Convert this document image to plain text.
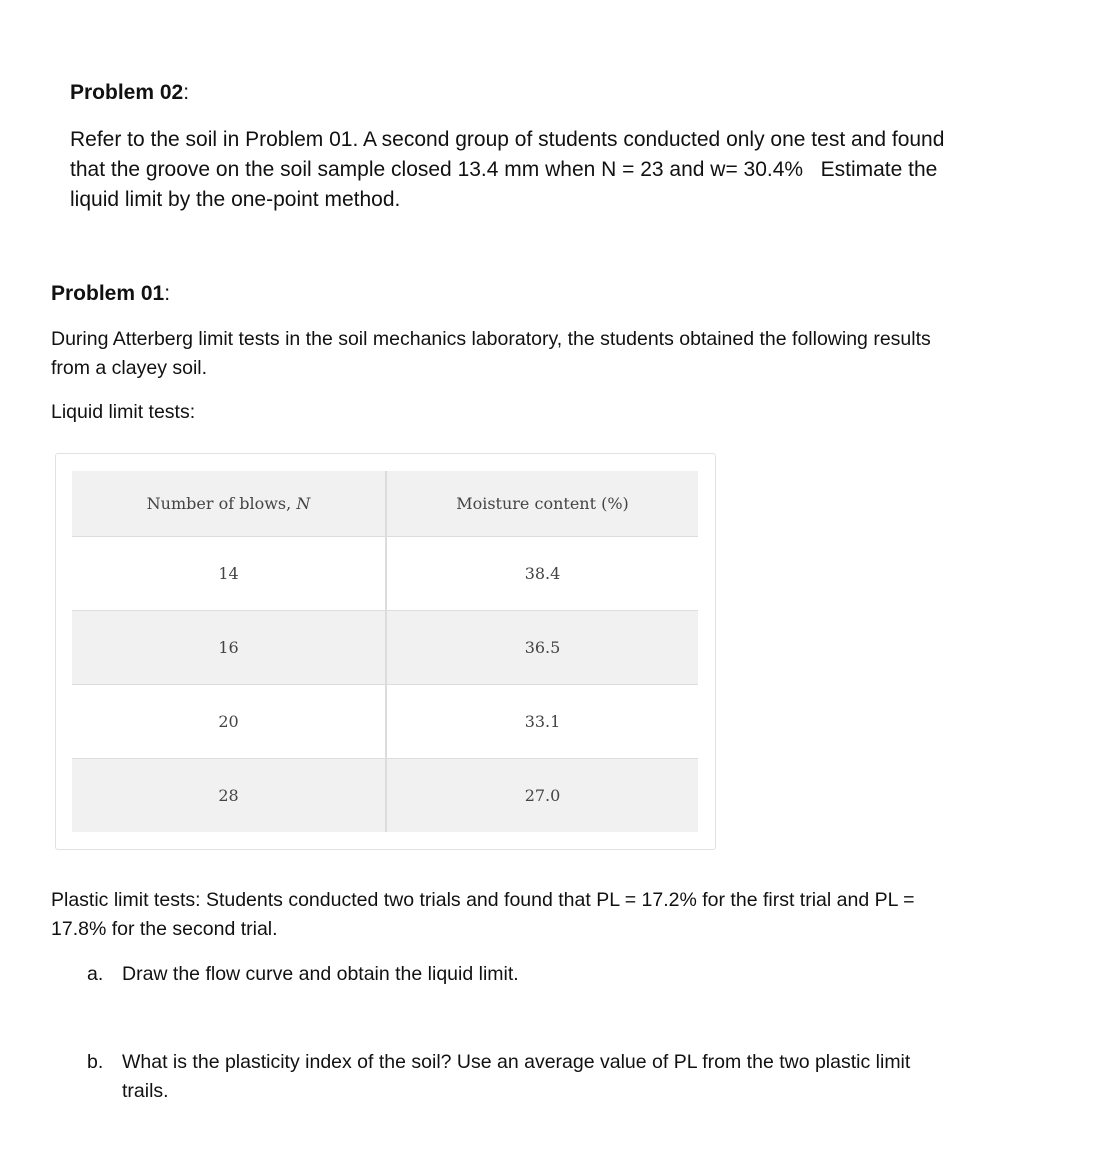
Problem 02:
Refer to the soil in Problem 01. A second group of students conducted only one test and found
that the groove on the soil sample closed 13.4 mm when N = 23 and w= 30.4%   Estimate the
liquid limit by the one-point method.
Problem 01:
During Atterberg limit tests in the soil mechanics laboratory, the students obtained the following results
from a clayey soil.
Liquid limit tests:
Number of blows, N	Moisture content (%)
14	38.4
16	36.5
20	33.1
28	27.0
Plastic limit tests: Students conducted two trials and found that PL = 17.2% for the first trial and PL =
17.8% for the second trial.
a. Draw the flow curve and obtain the liquid limit.
b. What is the plasticity index of the soil? Use an average value of PL from the two plastic limit
trails.
